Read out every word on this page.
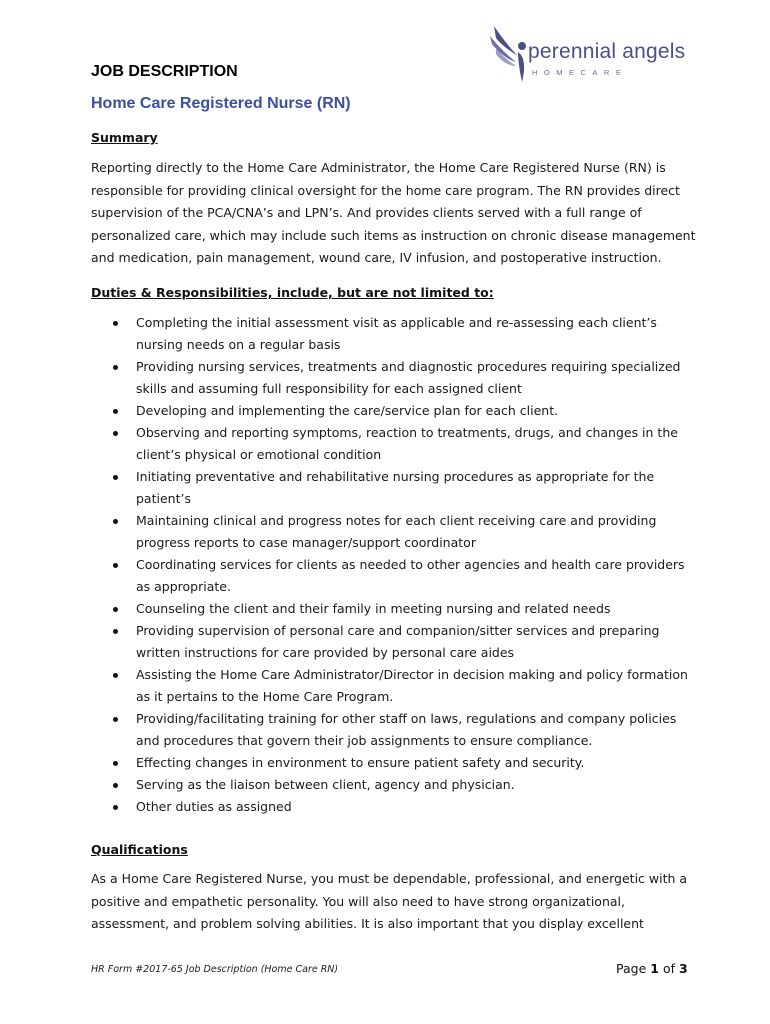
perennial angels
HOMECARE
JOB DESCRIPTION
Home Care Registered Nurse (RN)
Summary
Reporting directly to the Home Care Administrator, the Home Care Registered Nurse (RN) is
responsible for providing clinical oversight for the home care program. The RN provides direct
supervision of the PCA/CNA’s and LPN’s. And provides clients served with a full range of
personalized care, which may include such items as instruction on chronic disease management
and medication, pain management, wound care, IV infusion, and postoperative instruction.
Duties & Responsibilities, include, but are not limited to:
Completing the initial assessment visit as applicable and re-assessing each client’s
nursing needs on a regular basis
Providing nursing services, treatments and diagnostic procedures requiring specialized
skills and assuming full responsibility for each assigned client
Developing and implementing the care/service plan for each client.
Observing and reporting symptoms, reaction to treatments, drugs, and changes in the
client’s physical or emotional condition
Initiating preventative and rehabilitative nursing procedures as appropriate for the
patient’s
Maintaining clinical and progress notes for each client receiving care and providing
progress reports to case manager/support coordinator
Coordinating services for clients as needed to other agencies and health care providers
as appropriate.
Counseling the client and their family in meeting nursing and related needs
Providing supervision of personal care and companion/sitter services and preparing
written instructions for care provided by personal care aides
Assisting the Home Care Administrator/Director in decision making and policy formation
as it pertains to the Home Care Program.
Providing/facilitating training for other staff on laws, regulations and company policies
and procedures that govern their job assignments to ensure compliance.
Effecting changes in environment to ensure patient safety and security.
Serving as the liaison between client, agency and physician.
Other duties as assigned
Qualifications
As a Home Care Registered Nurse, you must be dependable, professional, and energetic with a
positive and empathetic personality. You will also need to have strong organizational,
assessment, and problem solving abilities. It is also important that you display excellent
HR Form #2017-65 Job Description (Home Care RN)	Page 1 of 3
